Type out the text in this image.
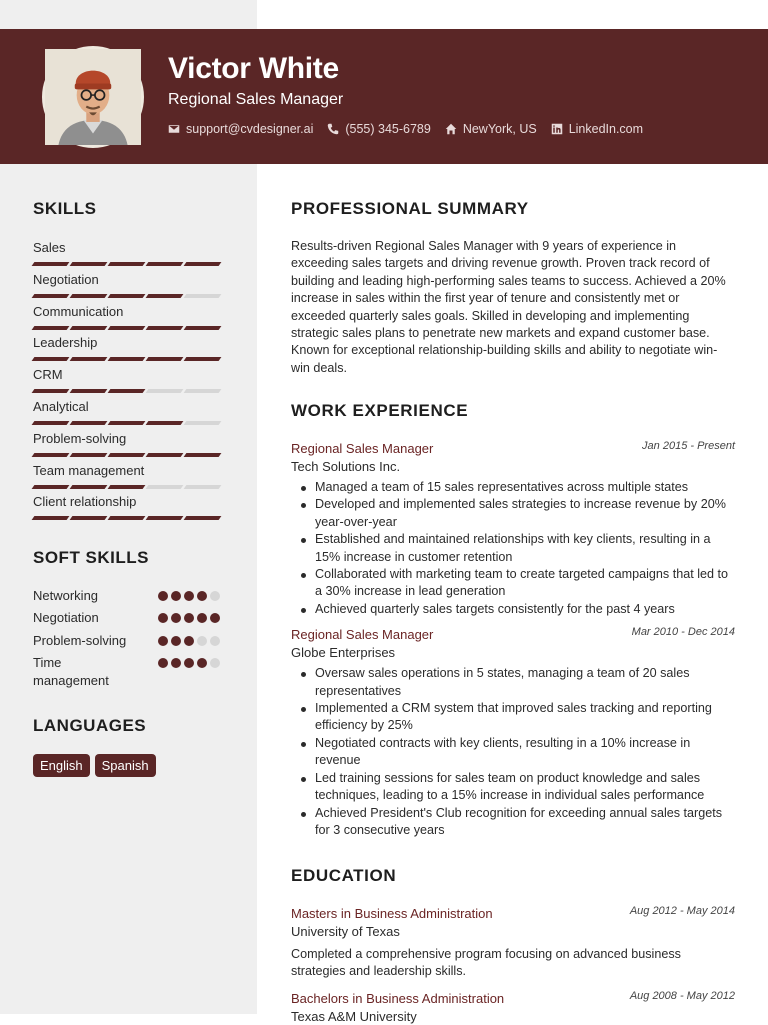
Victor White
Regional Sales Manager
support@cvdesigner.ai	(555) 345-6789	NewYork, US	LinkedIn.com
SKILLS
Sales
Negotiation
Communication
Leadership
CRM
Analytical
Problem-solving
Team management
Client relationship
SOFT SKILLS
Networking
Negotiation
Problem-solving
Time management
LANGUAGES
English	Spanish
PROFESSIONAL SUMMARY

Results-driven Regional Sales Manager with 9 years of experience in exceeding sales targets and driving revenue growth. Proven track record of building and leading high-performing sales teams to success. Achieved a 20% increase in sales within the first year of tenure and consistently met or exceeded quarterly sales goals. Skilled in developing and implementing strategic sales plans to penetrate new markets and expand customer base. Known for exceptional relationship-building skills and ability to negotiate win-win deals.

WORK EXPERIENCE
Regional Sales Manager	Jan 2015 - Present
Tech Solutions Inc.
Managed a team of 15 sales representatives across multiple states
Developed and implemented sales strategies to increase revenue by 20% year-over-year
Established and maintained relationships with key clients, resulting in a 15% increase in customer retention
Collaborated with marketing team to create targeted campaigns that led to a 30% increase in lead generation
Achieved quarterly sales targets consistently for the past 4 years
Regional Sales Manager	Mar 2010 - Dec 2014
Globe Enterprises
Oversaw sales operations in 5 states, managing a team of 20 sales representatives
Implemented a CRM system that improved sales tracking and reporting efficiency by 25%
Negotiated contracts with key clients, resulting in a 10% increase in revenue
Led training sessions for sales team on product knowledge and sales techniques, leading to a 15% increase in individual sales performance
Achieved President's Club recognition for exceeding annual sales targets for 3 consecutive years
EDUCATION
Masters in Business Administration	Aug 2012 - May 2014
University of Texas

Completed a comprehensive program focusing on advanced business strategies and leadership skills.

Bachelors in Business Administration	Aug 2008 - May 2012
Texas A&M University
